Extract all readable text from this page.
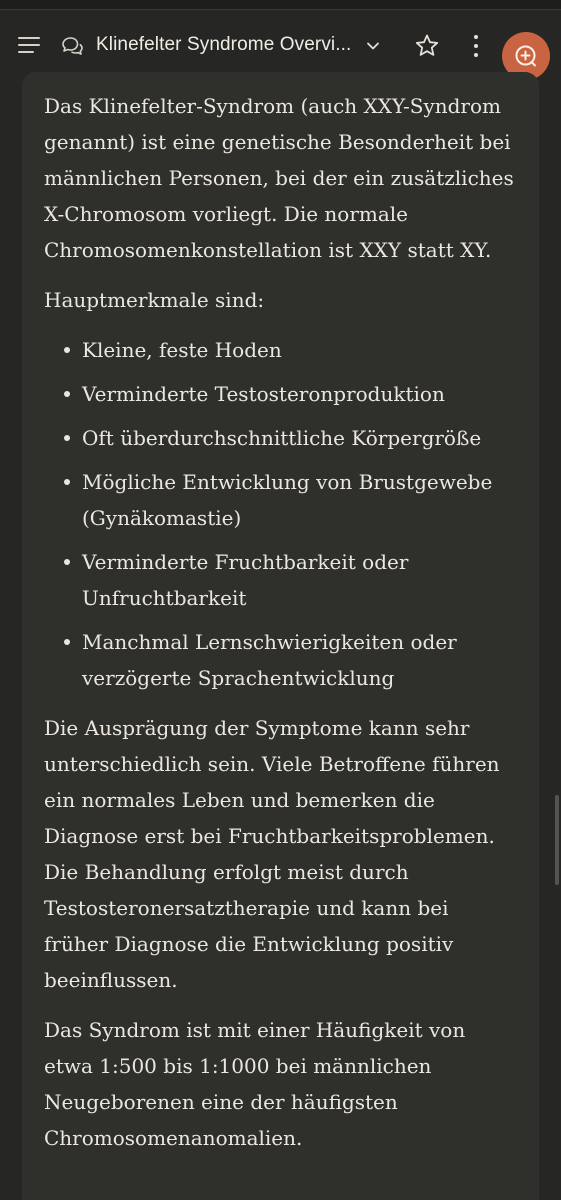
Klinefelter Syndrome Overvi...

Das Klinefelter-Syndrom (auch XXY-Syndrom genannt) ist eine genetische Besonderheit bei männlichen Personen, bei der ein zusätzliches X-Chromosom vorliegt. Die normale Chromosomenkonstellation ist XXY statt XY.

Hauptmerkmale sind:

Kleine, feste Hoden
Verminderte Testosteronproduktion
Oft überdurchschnittliche Körpergröße
Mögliche Entwicklung von Brustgewebe (Gynäkomastie)
Verminderte Fruchtbarkeit oder Unfruchtbarkeit
Manchmal Lernschwierigkeiten oder verzögerte Sprachentwicklung

Die Ausprägung der Symptome kann sehr unterschiedlich sein. Viele Betroffene führen ein normales Leben und bemerken die Diagnose erst bei Fruchtbarkeitsproblemen. Die Behandlung erfolgt meist durch Testosteronersatztherapie und kann bei früher Diagnose die Entwicklung positiv beeinflussen.

Das Syndrom ist mit einer Häufigkeit von etwa 1:500 bis 1:1000 bei männlichen Neugeborenen eine der häufigsten Chromosomenanomalien.
